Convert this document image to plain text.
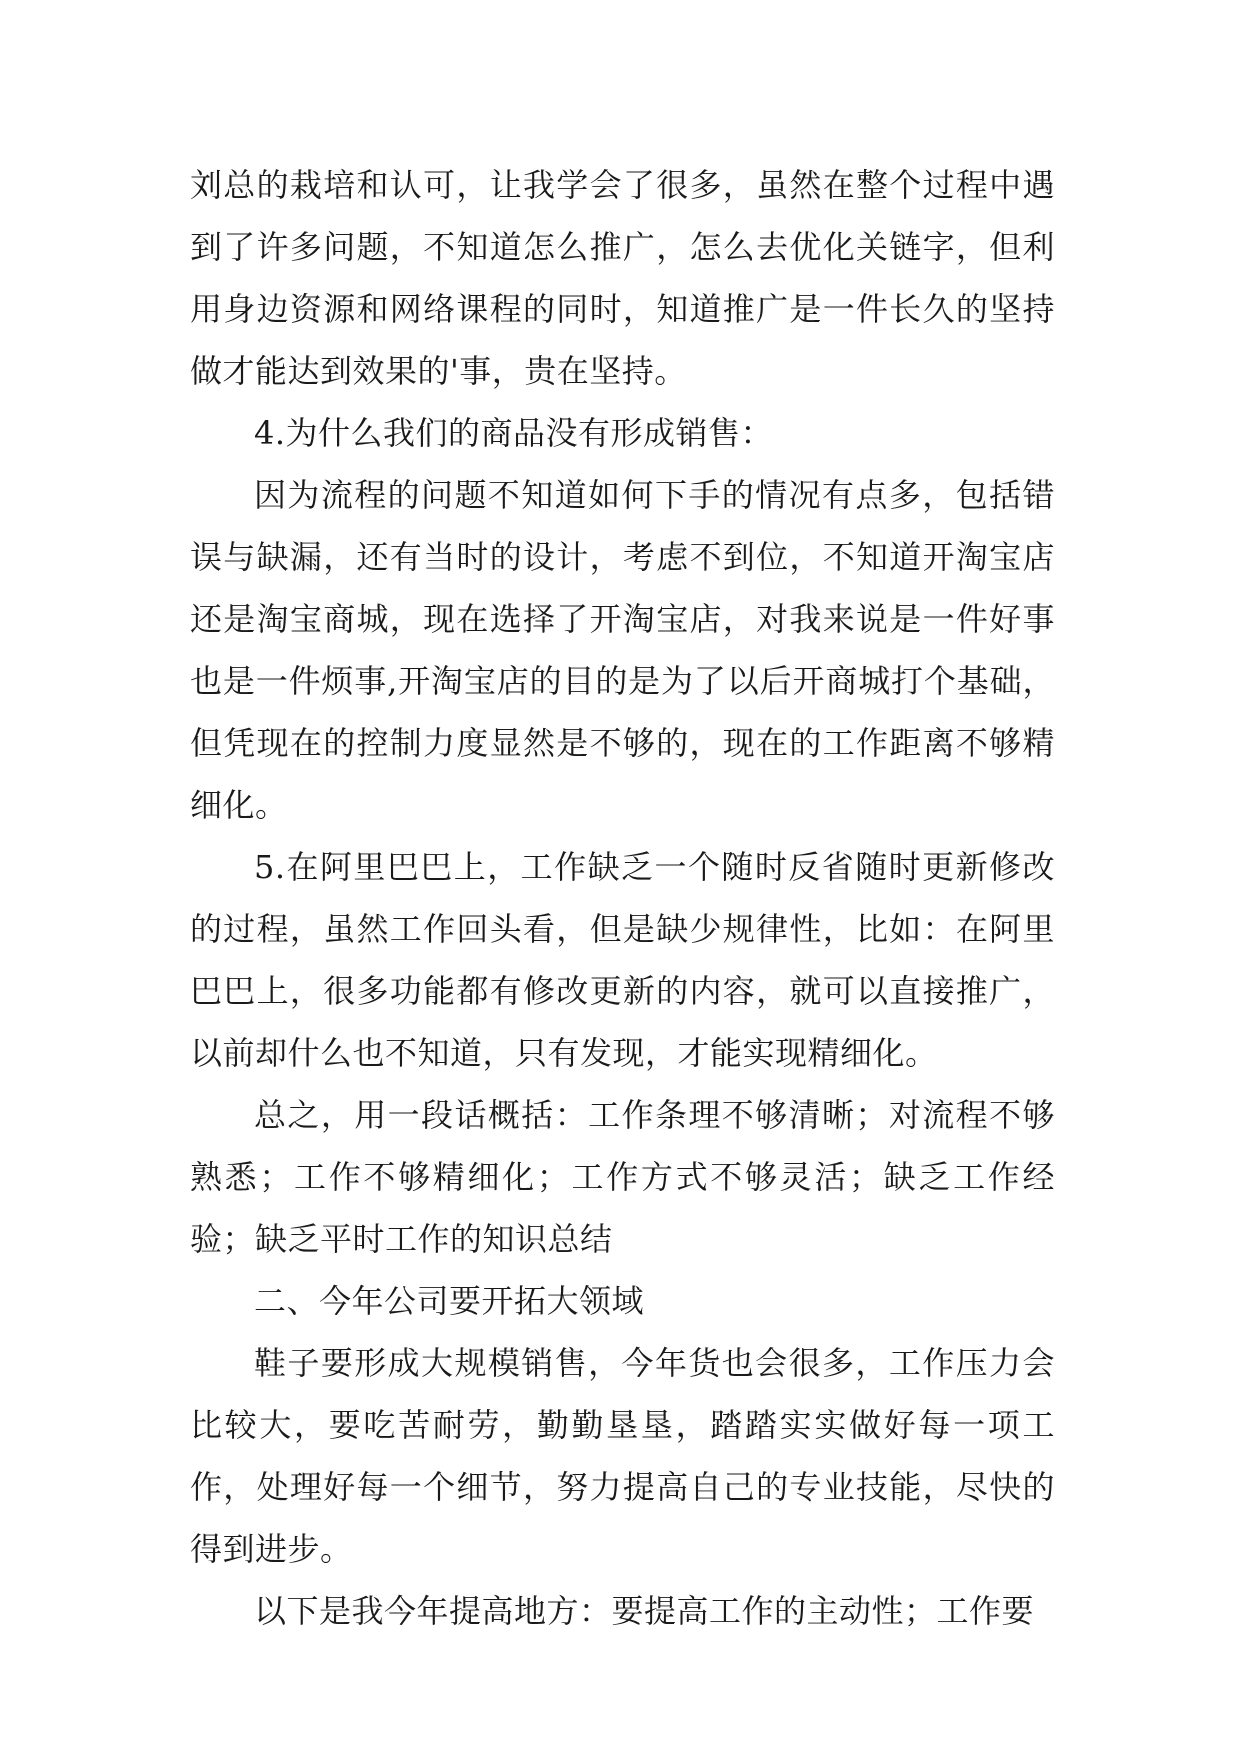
刘总的栽培和认可，让我学会了很多，虽然在整个过程中遇到了许多问题，不知道怎么推广，怎么去优化关链字，但利用身边资源和网络课程的同时，知道推广是一件长久的坚持做才能达到效果的'事，贵在坚持。

4.为什么我们的商品没有形成销售：

因为流程的问题不知道如何下手的情况有点多，包括错误与缺漏，还有当时的设计，考虑不到位，不知道开淘宝店还是淘宝商城，现在选择了开淘宝店，对我来说是一件好事也是一件烦事,开淘宝店的目的是为了以后开商城打个基础，但凭现在的控制力度显然是不够的，现在的工作距离不够精细化。

5.在阿里巴巴上，工作缺乏一个随时反省随时更新修改的过程，虽然工作回头看，但是缺少规律性，比如：在阿里巴巴上，很多功能都有修改更新的内容，就可以直接推广，以前却什么也不知道，只有发现，才能实现精细化。

总之，用一段话概括：工作条理不够清晰；对流程不够熟悉；工作不够精细化；工作方式不够灵活；缺乏工作经验；缺乏平时工作的知识总结

二、今年公司要开拓大领域

鞋子要形成大规模销售，今年货也会很多，工作压力会比较大，要吃苦耐劳，勤勤垦垦，踏踏实实做好每一项工作，处理好每一个细节，努力提高自己的专业技能，尽快的得到进步。

以下是我今年提高地方：要提高工作的主动性；工作要
